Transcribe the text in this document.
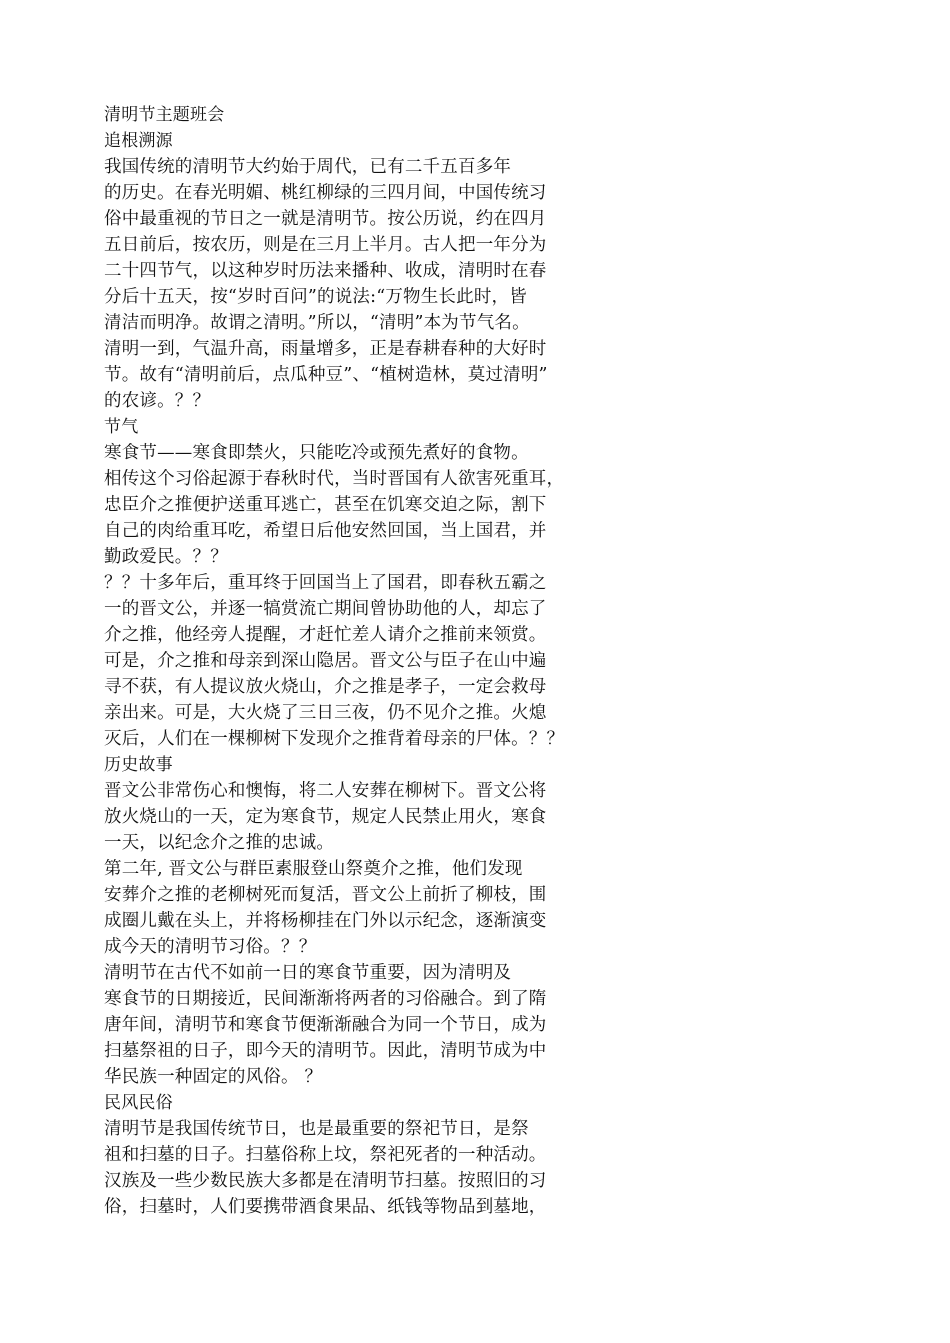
清明节主题班会
追根溯源
我国传统的清明节大约始于周代，已有二千五百多年
的历史。在春光明媚、桃红柳绿的三四月间，中国传统习
俗中最重视的节日之一就是清明节。按公历说，约在四月
五日前后，按农历，则是在三月上半月。古人把一年分为
二十四节气，以这种岁时历法来播种、收成，清明时在春
分后十五天，按“岁时百问”的说法:“万物生长此时，皆
清洁而明净。故谓之清明。”所以，“清明”本为节气名。
清明一到，气温升高，雨量增多，正是春耕春种的大好时
节。故有“清明前后，点瓜种豆”、“植树造林，莫过清明”
的农谚。？？
节气
寒食节——寒食即禁火，只能吃冷或预先煮好的食物。
相传这个习俗起源于春秋时代，当时晋国有人欲害死重耳，
忠臣介之推便护送重耳逃亡，甚至在饥寒交迫之际，割下
自己的肉给重耳吃，希望日后他安然回国，当上国君，并
勤政爱民。？？
？？十多年后，重耳终于回国当上了国君，即春秋五霸之
一的晋文公，并逐一犒赏流亡期间曾协助他的人，却忘了
介之推，他经旁人提醒，才赶忙差人请介之推前来领赏。
可是，介之推和母亲到深山隐居。晋文公与臣子在山中遍
寻不获，有人提议放火烧山，介之推是孝子，一定会救母
亲出来。可是，大火烧了三日三夜，仍不见介之推。火熄
灭后，人们在一棵柳树下发现介之推背着母亲的尸体。？？
历史故事
晋文公非常伤心和懊悔，将二人安葬在柳树下。晋文公将
放火烧山的一天，定为寒食节，规定人民禁止用火，寒食
一天，以纪念介之推的忠诚。
第二年, 晋文公与群臣素服登山祭奠介之推，他们发现
安葬介之推的老柳树死而复活，晋文公上前折了柳枝，围
成圈儿戴在头上，并将杨柳挂在门外以示纪念，逐渐演变
成今天的清明节习俗。？？
清明节在古代不如前一日的寒食节重要，因为清明及
寒食节的日期接近，民间渐渐将两者的习俗融合。到了隋
唐年间，清明节和寒食节便渐渐融合为同一个节日，成为
扫墓祭祖的日子，即今天的清明节。因此，清明节成为中
华民族一种固定的风俗。 ？
民风民俗
清明节是我国传统节日，也是最重要的祭祀节日，是祭
祖和扫墓的日子。扫墓俗称上坟，祭祀死者的一种活动。
汉族及一些少数民族大多都是在清明节扫墓。按照旧的习
俗，扫墓时，人们要携带酒食果品、纸钱等物品到墓地，
